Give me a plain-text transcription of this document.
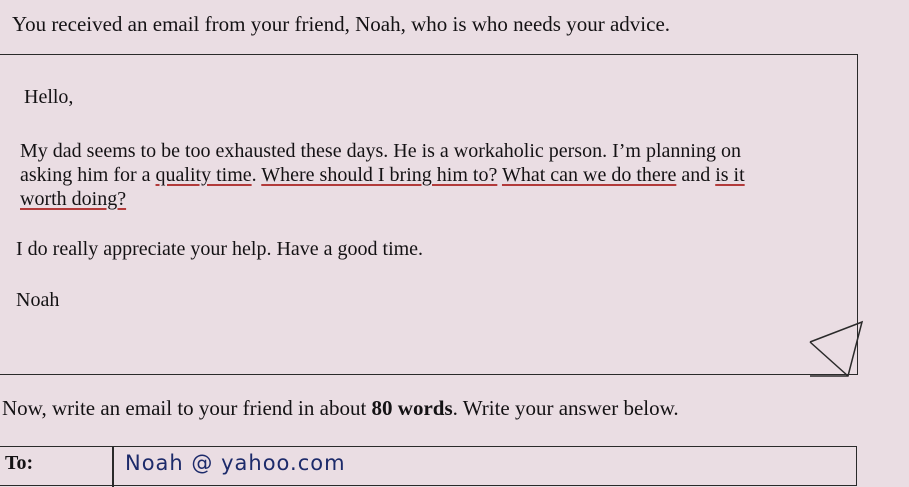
You received an email from your friend, Noah, who is who needs your advice.
Hello,
My dad seems to be too exhausted these days. He is a workaholic person. I’m planning on
asking him for a quality time. Where should I bring him to? What can we do there and is it
worth doing?
I do really appreciate your help. Have a good time.
Noah
Now, write an email to your friend in about 80 words. Write your answer below.
To:	Noah @ yahoo.com
